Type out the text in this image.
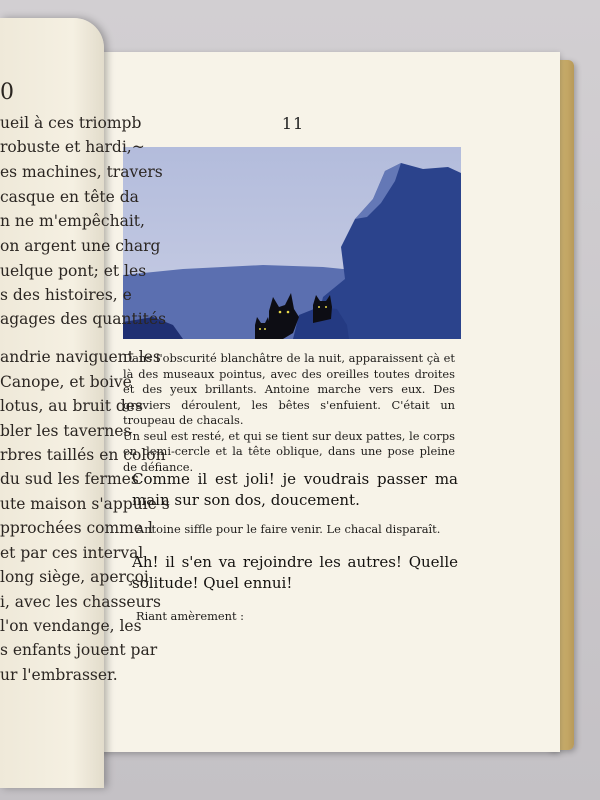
11

Dans l'obscurité blanchâtre de la nuit, apparaissent çà et là des museaux pointus, avec des oreilles toutes droites et des yeux brillants. Antoine marche vers eux. Des graviers déroulent, les bêtes s'enfuient. C'était un troupeau de chacals.

Un seul est resté, et qui se tient sur deux pattes, le corps en demi-cercle et la tête oblique, dans une pose pleine de défiance.

Comme il est joli! je voudrais passer ma main sur son dos, doucement.
Antoine siffle pour le faire venir. Le chacal disparaît.
Ah! il s'en va rejoindre les autres! Quelle solitude! Quel ennui!
Riant amèrement :
0
ueil à ces triompb
robuste et hardi,~
es machines, travers
casque en tête da
n ne m'empêchait,
on argent une charg
uelque pont; et les
s des histoires, e
agages des quantités
andrie naviguent les
Canope, et boive
lotus, au bruit des
bler les tavernes
rbres taillés en colon
du sud les fermes
ute maison s'appuie s
pprochées comme l
et par ces interval
long siège, aperçoi
i, avec les chasseurs
l'on vendange, les
s enfants jouent par
ur l'embrasser.
